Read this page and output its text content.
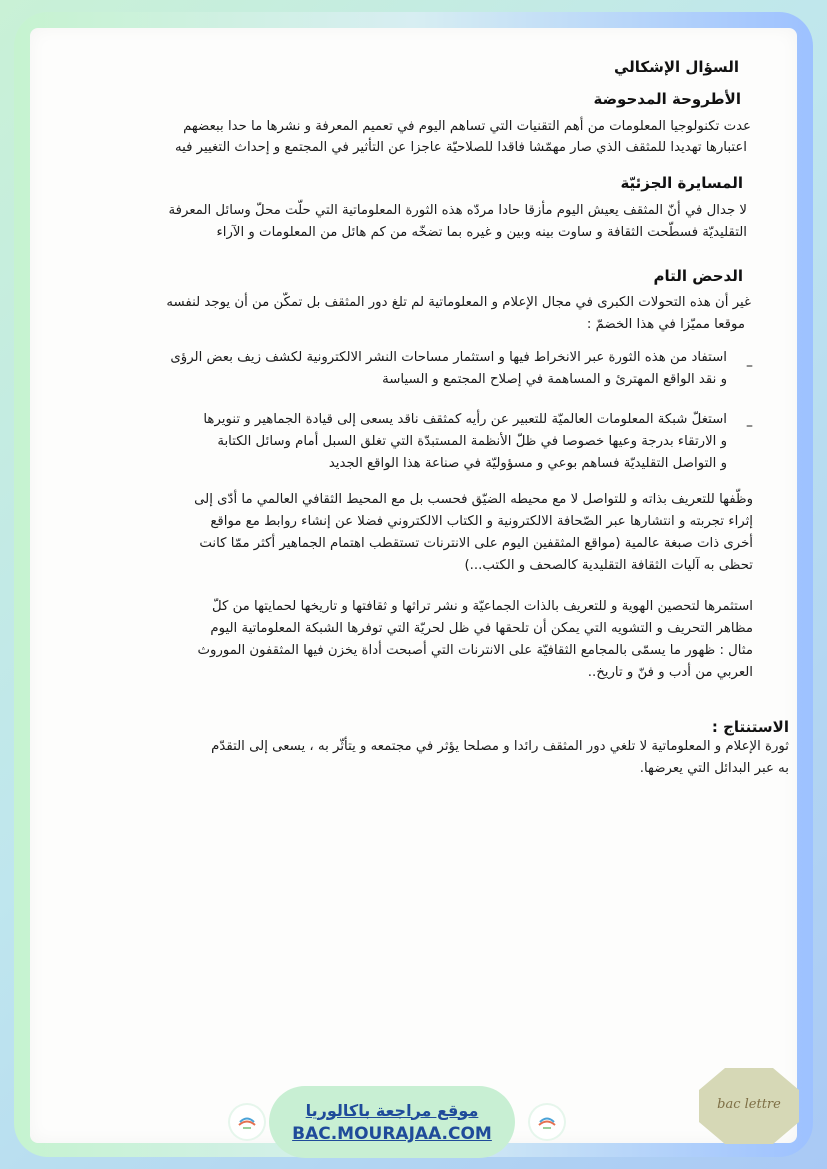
السؤال الإشكالي
الأطروحة المدحوضة
عدت تكنولوجيا المعلومات من أهم التقنيات التي تساهم اليوم في تعميم المعرفة و نشرها ما حدا ببعضهم
اعتبارها تهديدا للمثقف الذي صار مهمّشا فاقدا للصلاحيّة عاجزا عن التأثير في المجتمع و إحداث التغيير فيه
المسايرة الجزئيّة
لا جدال في أنّ المثقف يعيش اليوم مأزقا حادا مردّه هذه الثورة المعلوماتية التي حلّت محلّ وسائل المعرفة
التقليديّة فسطّحت الثقافة و ساوت بينه وبين و غيره بما تضخّه من كم هائل من المعلومات و الآراء
الدحض التام
غير أن هذه التحولات الكبرى في مجال الإعلام و المعلوماتية لم تلغ دور المثقف بل تمكّن من أن يوجد لنفسه
موقعا مميّزا في هذا الخضمّ :
–
استفاد من هذه الثورة عبر الانخراط فيها و استثمار مساحات النشر الالكترونية لكشف زيف بعض الرؤى
و نقد الواقع المهترئ و المساهمة في إصلاح المجتمع و السياسة
–
استغلّ شبكة المعلومات العالميّة للتعبير عن رأيه كمثقف ناقد يسعى إلى قيادة الجماهير و تنويرها
و الارتقاء بدرجة وعيها خصوصا في ظلّ الأنظمة المستبدّة التي تغلق السبل أمام وسائل الكتابة
و التواصل التقليديّة فساهم بوعي و مسؤوليّة في صناعة هذا الواقع الجديد
وظّفها للتعريف بذاته و للتواصل لا مع محيطه الضيّق فحسب بل مع المحيط الثقافي العالمي ما أدّى إلى
إثراء تجربته و انتشارها عبر الصّحافة الالكترونية و الكتاب الالكتروني فضلا عن إنشاء روابط مع مواقع
أخرى ذات صبغة عالمية (مواقع المثقفين اليوم على الانترنات تستقطب اهتمام الجماهير أكثر ممّا كانت
تحظى به آليات الثقافة التقليدية كالصحف و الكتب...)
استثمرها لتحصين الهوية و للتعريف بالذات الجماعيّة و نشر تراثها و ثقافتها و تاريخها لحمايتها من كلّ
مظاهر التحريف و التشويه التي يمكن أن تلحقها في ظل لحريّة التي توفرها الشبكة المعلوماتية اليوم
مثال : ظهور ما يسمّى بالمجامع الثقافيّة على الانترنات التي أصبحت أداة يخزن فيها المثقفون الموروث
العربي من أدب و فنّ و تاريخ..
الاستنتاج :
ثورة الإعلام و المعلوماتية لا تلغي دور المثقف رائدا و مصلحا يؤثر في مجتمعه و يتأثّر به ، يسعى إلى التقدّم
به عبر البدائل التي يعرضها.
موقع مراجعة باكالوريا
BAC.MOURAJAA.COM
bac lettre
